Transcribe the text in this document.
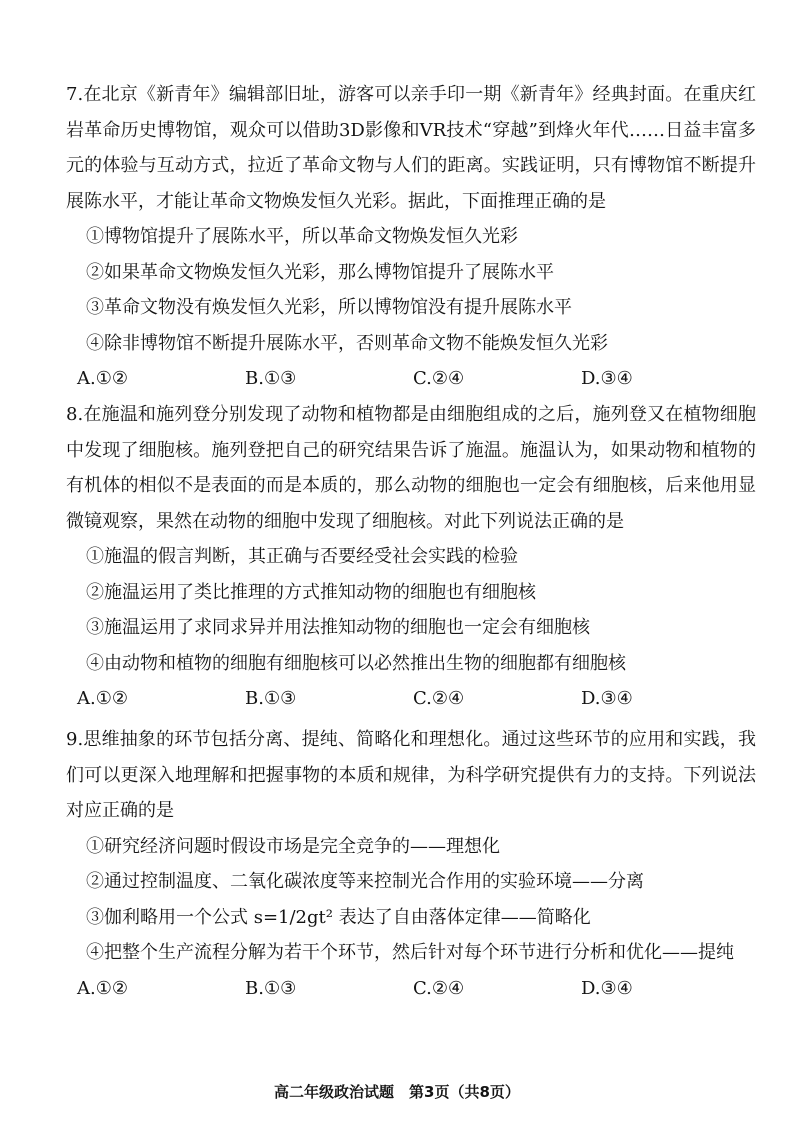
7.在北京《新青年》编辑部旧址，游客可以亲手印一期《新青年》经典封面。在重庆红岩革命历史博物馆，观众可以借助3D影像和VR技术“穿越”到烽火年代……日益丰富多元的体验与互动方式，拉近了革命文物与人们的距离。实践证明，只有博物馆不断提升展陈水平，才能让革命文物焕发恒久光彩。据此，下面推理正确的是

①博物馆提升了展陈水平，所以革命文物焕发恒久光彩

②如果革命文物焕发恒久光彩，那么博物馆提升了展陈水平

③革命文物没有焕发恒久光彩，所以博物馆没有提升展陈水平

④除非博物馆不断提升展陈水平，否则革命文物不能焕发恒久光彩

A.①②	B.①③	C.②④	D.③④

8.在施温和施列登分别发现了动物和植物都是由细胞组成的之后，施列登又在植物细胞中发现了细胞核。施列登把自己的研究结果告诉了施温。施温认为，如果动物和植物的有机体的相似不是表面的而是本质的，那么动物的细胞也一定会有细胞核，后来他用显微镜观察，果然在动物的细胞中发现了细胞核。对此下列说法正确的是

①施温的假言判断，其正确与否要经受社会实践的检验

②施温运用了类比推理的方式推知动物的细胞也有细胞核

③施温运用了求同求异并用法推知动物的细胞也一定会有细胞核

④由动物和植物的细胞有细胞核可以必然推出生物的细胞都有细胞核

A.①②	B.①③	C.②④	D.③④

9.思维抽象的环节包括分离、提纯、简略化和理想化。通过这些环节的应用和实践，我们可以更深入地理解和把握事物的本质和规律，为科学研究提供有力的支持。下列说法对应正确的是

①研究经济问题时假设市场是完全竞争的——理想化

②通过控制温度、二氧化碳浓度等来控制光合作用的实验环境——分离

③伽利略用一个公式 s=1/2gt² 表达了自由落体定律——简略化

④把整个生产流程分解为若干个环节，然后针对每个环节进行分析和优化——提纯

A.①②	B.①③	C.②④	D.③④
高二年级政治试题　第3页（共8页）
